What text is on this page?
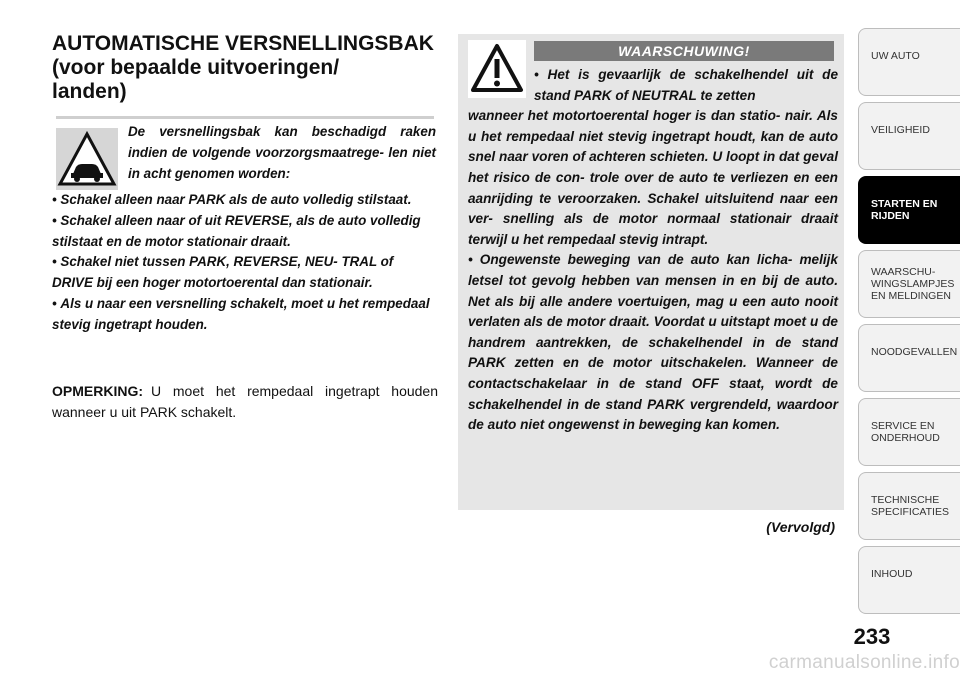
AUTOMATISCHE VERSNELLINGSBAK
(voor bepaalde uitvoeringen/
landen)
De versnellingsbak kan beschadigd raken indien de volgende voorzorgsmaatrege- len niet in acht genomen worden:

• Schakel alleen naar PARK als de auto volledig stilstaat.

• Schakel alleen naar of uit REVERSE, als de auto volledig stilstaat en de motor stationair draait.

• Schakel niet tussen PARK, REVERSE, NEU- TRAL of DRIVE bij een hoger motortoerental dan stationair.

• Als u naar een versnelling schakelt, moet u het rempedaal stevig ingetrapt houden.

OPMERKING: U moet het rempedaal ingetrapt houden wanneer u uit PARK schakelt.
WAARSCHUWING!
• Het is gevaarlijk de schakelhendel uit de stand PARK of NEUTRAL te zetten
wanneer het motortoerental hoger is dan statio- nair. Als u het rempedaal niet stevig ingetrapt houdt, kan de auto snel naar voren of achteren schieten. U loopt in dat geval het risico de con- trole over de auto te verliezen en een aanrijding te veroorzaken. Schakel uitsluitend naar een ver- snelling als de motor normaal stationair draait terwijl u het rempedaal stevig intrapt.
• Ongewenste beweging van de auto kan licha- melijk letsel tot gevolg hebben van mensen in en bij de auto. Net als bij alle andere voertuigen, mag u een auto nooit verlaten als de motor draait. Voordat u uitstapt moet u de handrem aantrekken, de schakelhendel in de stand PARK zetten en de motor uitschakelen. Wanneer de contactschakelaar in de stand OFF staat, wordt de schakelhendel in de stand PARK vergrendeld, waardoor de auto niet ongewenst in beweging kan komen.
(Vervolgd)
UW AUTO

VEILIGHEID

STARTEN EN
RIJDEN

WAARSCHU-
WINGSLAMPJES
EN MELDINGEN
NOODGEVALLEN

SERVICE EN
ONDERHOUD

TECHNISCHE
SPECIFICATIES

INHOUD

233
carmanualsonline.info
